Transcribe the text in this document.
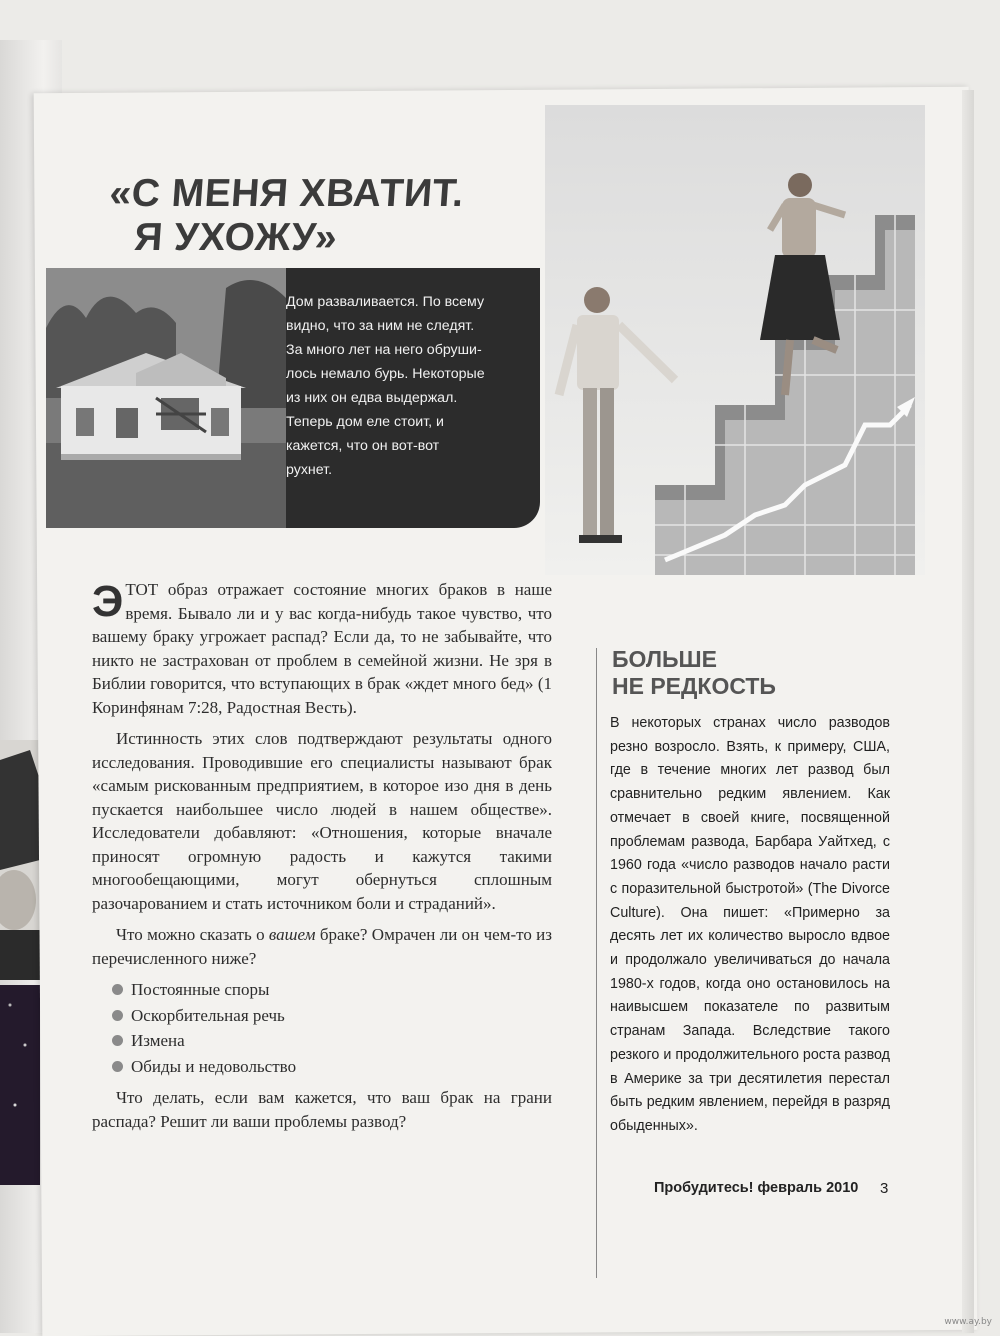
«С МЕНЯ ХВАТИТ.
Я УХОЖУ»
Дом разваливается. По всему
видно, что за ним не следят.
За много лет на него обруши-
лось немало бурь. Некоторые
из них он едва выдержал.
Теперь дом еле стоит, и
кажется, что он вот-вот
рухнет.

ЭТОТ образ отражает состояние многих браков в наше время. Бывало ли и у вас когда-нибудь такое чувство, что вашему браку угрожает распад? Если да, то не забывайте, что никто не застрахован от проблем в семейной жизни. Не зря в Библии говорится, что вступающих в брак «ждет много бед» (1 Коринфянам 7:28, Радостная Весть).

Истинность этих слов подтверждают результаты одного исследования. Проводившие его специалисты называют брак «самым рискованным предприятием, в которое изо дня в день пускается наибольшее число людей в нашем обществе». Исследователи добавляют: «Отношения, которые вначале приносят огромную радость и кажутся такими многообещающими, могут обернуться сплошным разочарованием и стать источником боли и страданий».

Что можно сказать о вашем браке? Омрачен ли он чем-то из перечисленного ниже?

Постоянные споры
Оскорбительная речь
Измена
Обиды и недовольство

Что делать, если вам кажется, что ваш брак на грани распада? Решит ли ваши проблемы развод?

БОЛЬШЕ
НЕ РЕДКОСТЬ
В некоторых странах число разводов резно возросло. Взять, к примеру, США, где в течение многих лет развод был сравнительно редким явлением. Как отмечает в своей книге, посвященной проблемам развода, Барбара Уайтхед, с 1960 года «число разводов начало расти с поразительной быстротой» (The Divorce Culture). Она пишет: «Примерно за десять лет их количество выросло вдвое и продолжало увеличиваться до начала 1980-х годов, когда оно остановилось на наивысшем показателе по развитым странам Запада. Вследствие такого резкого и продолжительного роста развод в Америке за три десятилетия перестал быть редким явлением, перейдя в разряд обыденных».
Пробудитесь! февраль 2010 3
www.ay.by
